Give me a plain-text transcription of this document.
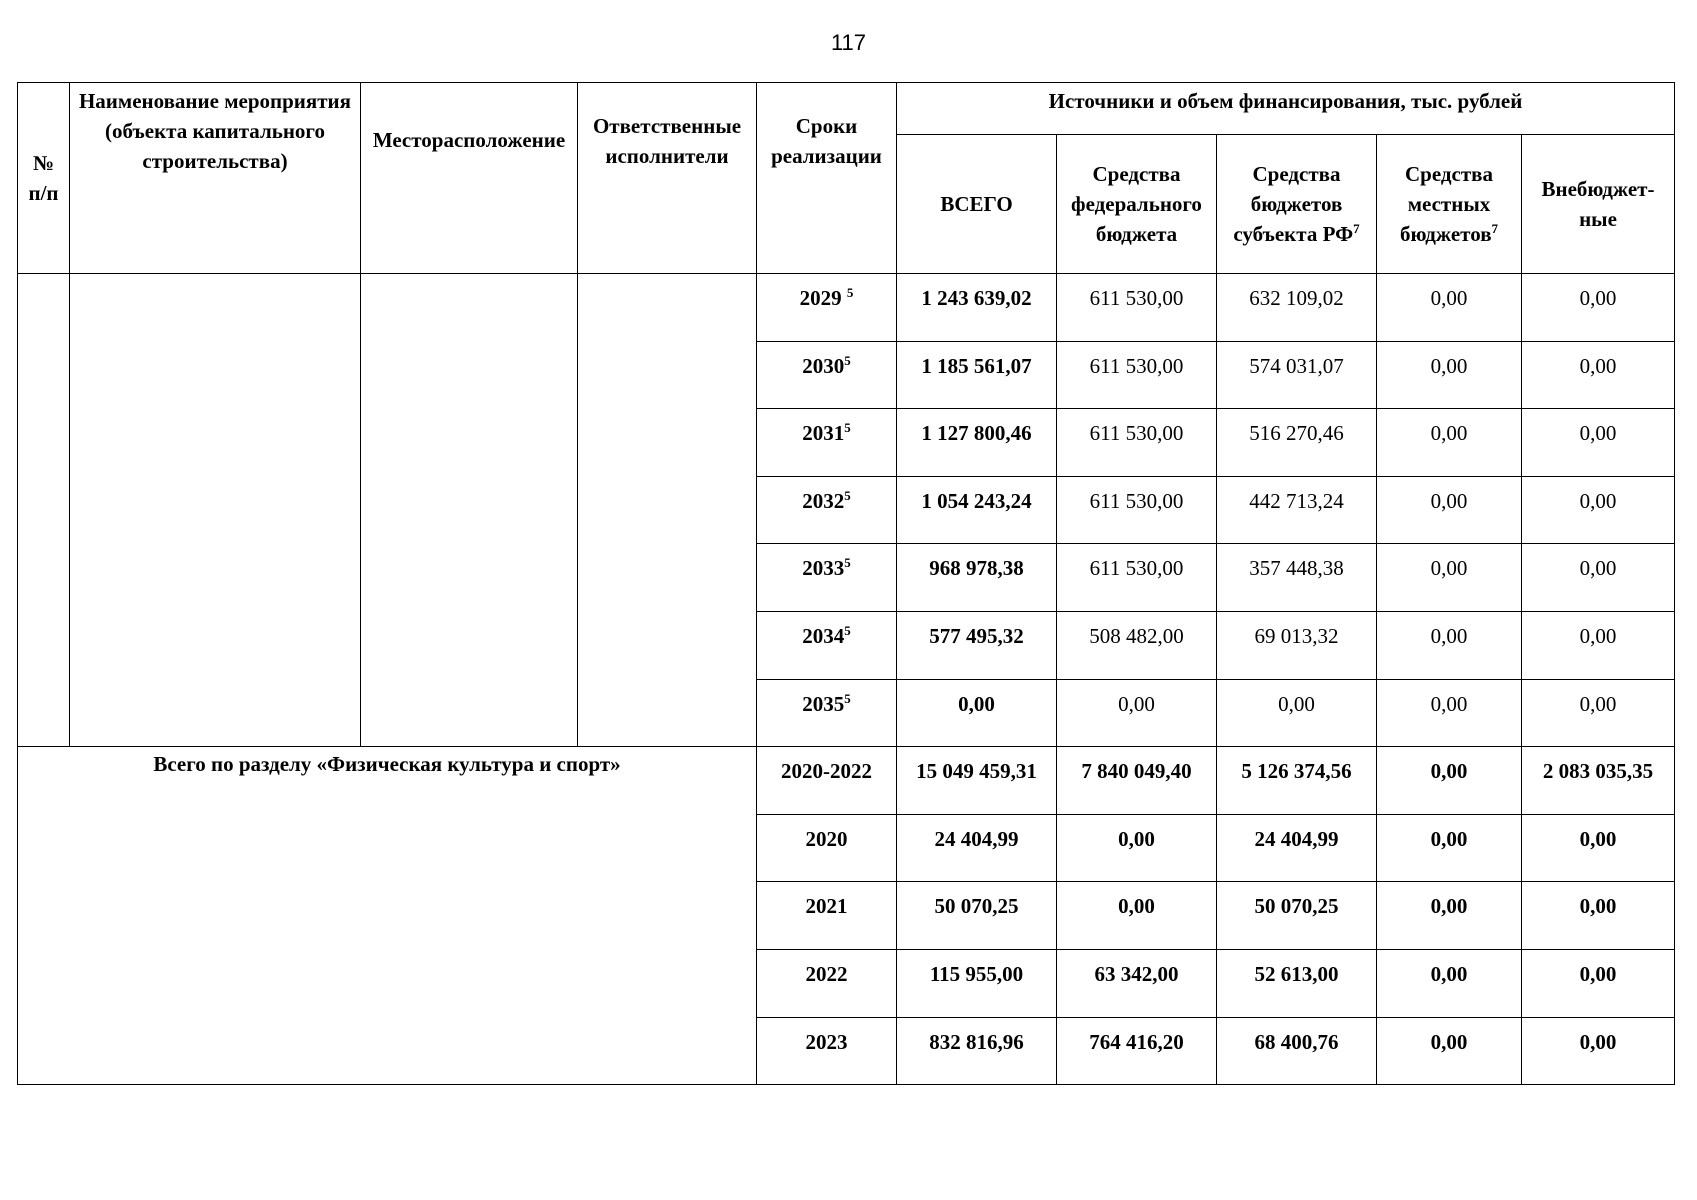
117
№ п/п	Наименование мероприятия (объекта капитального строительства)	Месторасположение	Ответственные исполнители	Сроки реализации	Источники и объем финансирования, тыс. рублей				
					ВСЕГО	Средства федерального бюджета	Средства бюджетов субъекта $РФ^7$	Средства местных бюджетов$^7$	Внебюджет-ные
				2029 $^5$	1 243 639,02	611 530,00	632 109,02	0,00	0,00
				2030$^5$	1 185 561,07	611 530,00	574 031,07	0,00	0,00
				2031$^5$	1 127 800,46	611 530,00	516 270,46	0,00	0,00
				2032$^5$	1 054 243,24	611 530,00	442 713,24	0,00	0,00
				2033$^5$	968 978,38	611 530,00	357 448,38	0,00	0,00
				2034$^5$	577 495,32	508 482,00	69 013,32	0,00	0,00
				2035$^5$	0,00	0,00	0,00	0,00	0,00
Всего по разделу «Физическая культура и спорт»				2020-2022	15 049 459,31	7 840 049,40	5 126 374,56	0,00	2 083 035,35
				2020	24 404,99	0,00	24 404,99	0,00	0,00
				2021	50 070,25	0,00	50 070,25	0,00	0,00
				2022	115 955,00	63 342,00	52 613,00	0,00	0,00
				2023	832 816,96	764 416,20	68 400,76	0,00	0,00
